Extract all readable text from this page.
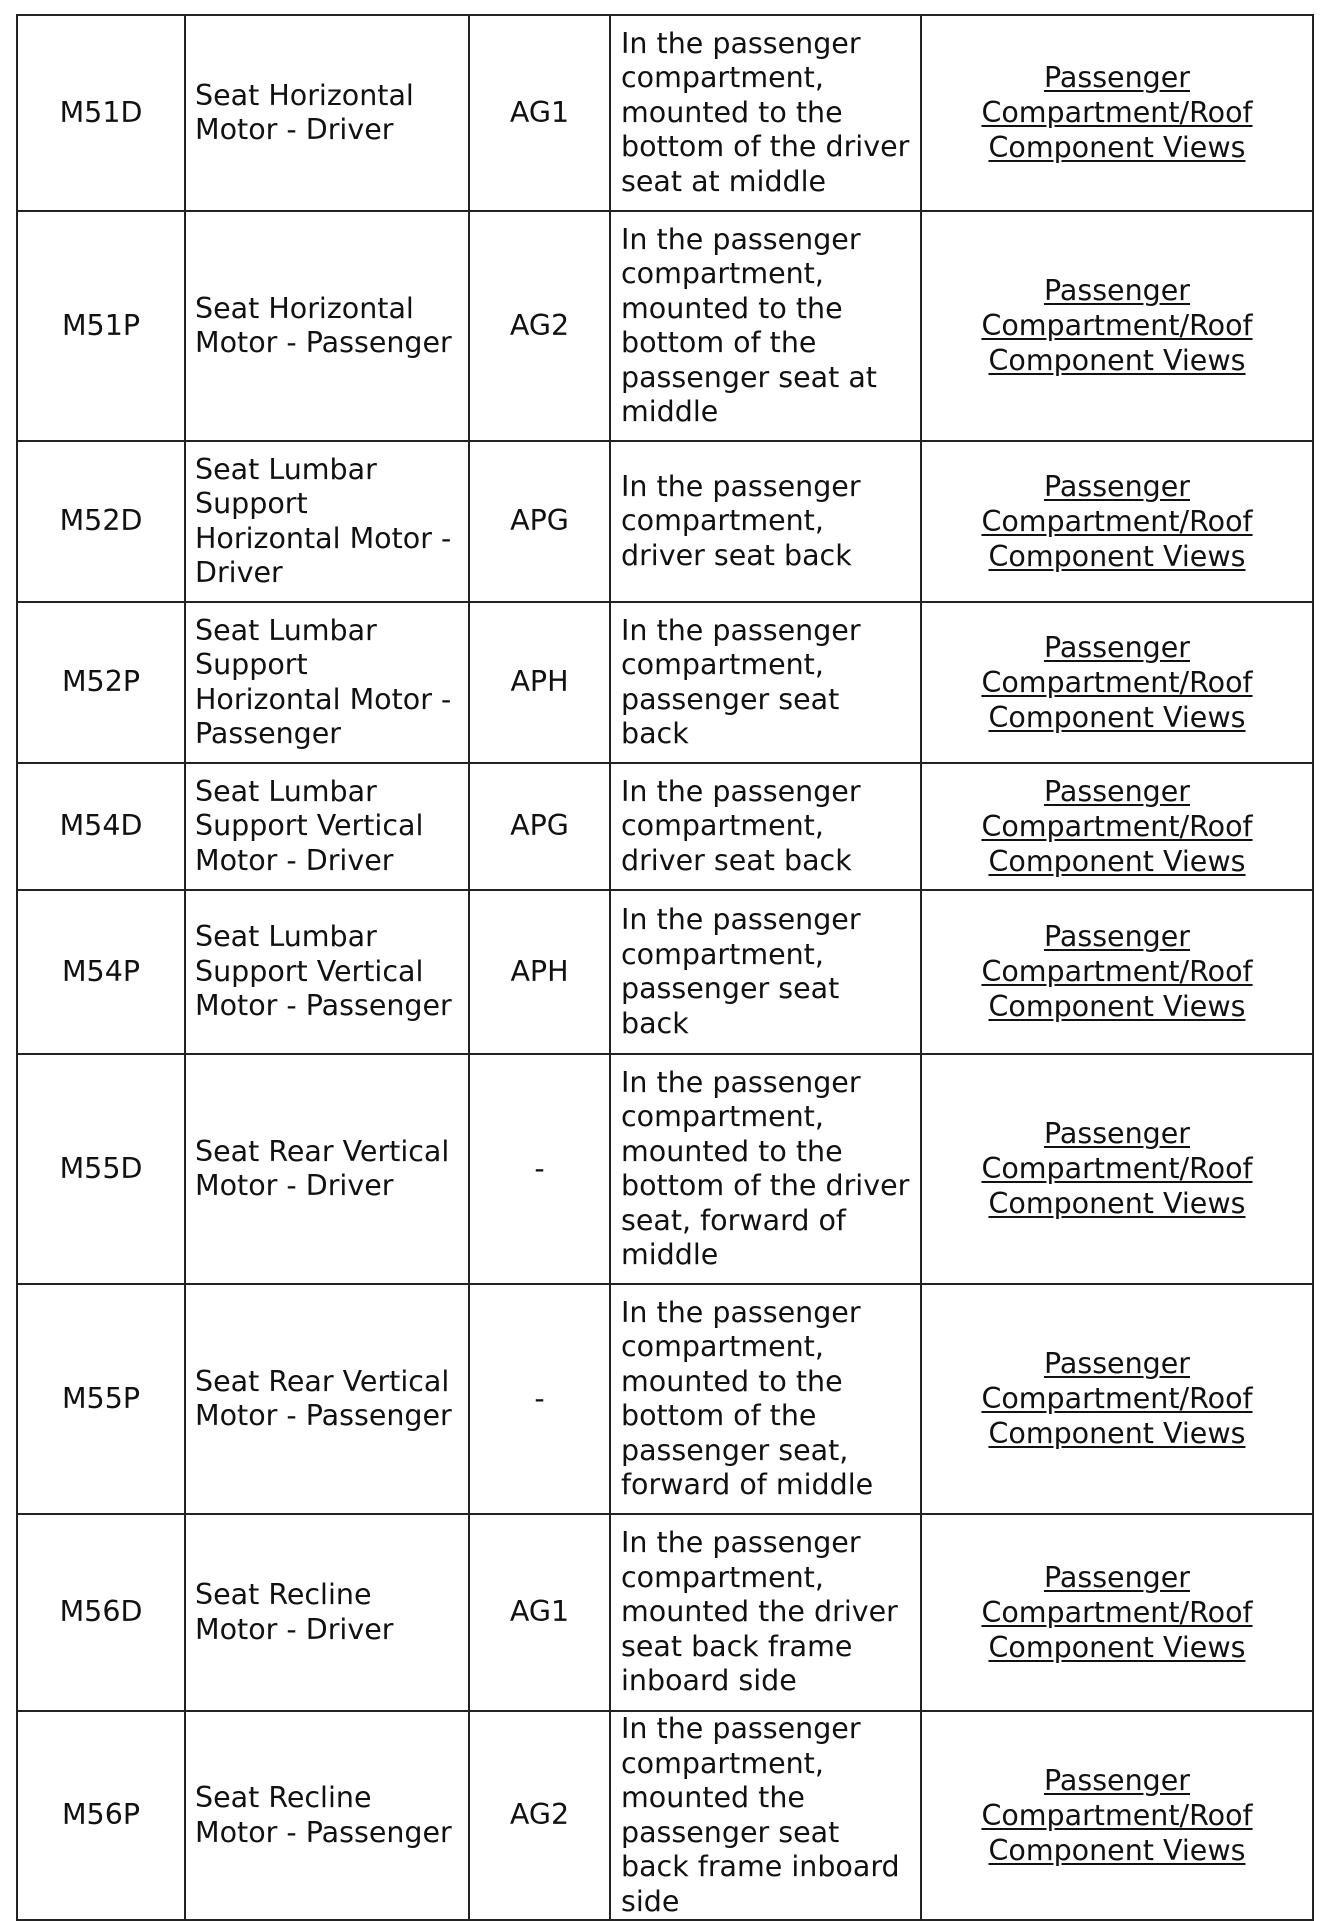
M51D	Seat Horizontal Motor - Driver	AG1	In the passenger compartment, mounted to the bottom of the driver seat at middle	Passenger Compartment/Roof Component Views
M51P	Seat Horizontal Motor - Passenger	AG2	In the passenger compartment, mounted to the bottom of the passenger seat at middle	Passenger Compartment/Roof Component Views
M52D	Seat Lumbar Support Horizontal Motor - Driver	APG	In the passenger compartment, driver seat back	Passenger Compartment/Roof Component Views
M52P	Seat Lumbar Support Horizontal Motor - Passenger	APH	In the passenger compartment, passenger seat back	Passenger Compartment/Roof Component Views
M54D	Seat Lumbar Support Vertical Motor - Driver	APG	In the passenger compartment, driver seat back	Passenger Compartment/Roof Component Views
M54P	Seat Lumbar Support Vertical Motor - Passenger	APH	In the passenger compartment, passenger seat back	Passenger Compartment/Roof Component Views
M55D	Seat Rear Vertical Motor - Driver	-	In the passenger compartment, mounted to the bottom of the driver seat, forward of middle	Passenger Compartment/Roof Component Views
M55P	Seat Rear Vertical Motor - Passenger	-	In the passenger compartment, mounted to the bottom of the passenger seat, forward of middle	Passenger Compartment/Roof Component Views
M56D	Seat Recline Motor - Driver	AG1	In the passenger compartment, mounted the driver seat back frame inboard side	Passenger Compartment/Roof Component Views
M56P	Seat Recline Motor - Passenger	AG2	In the passenger compartment, mounted the passenger seat back frame inboard side	Passenger Compartment/Roof Component Views
